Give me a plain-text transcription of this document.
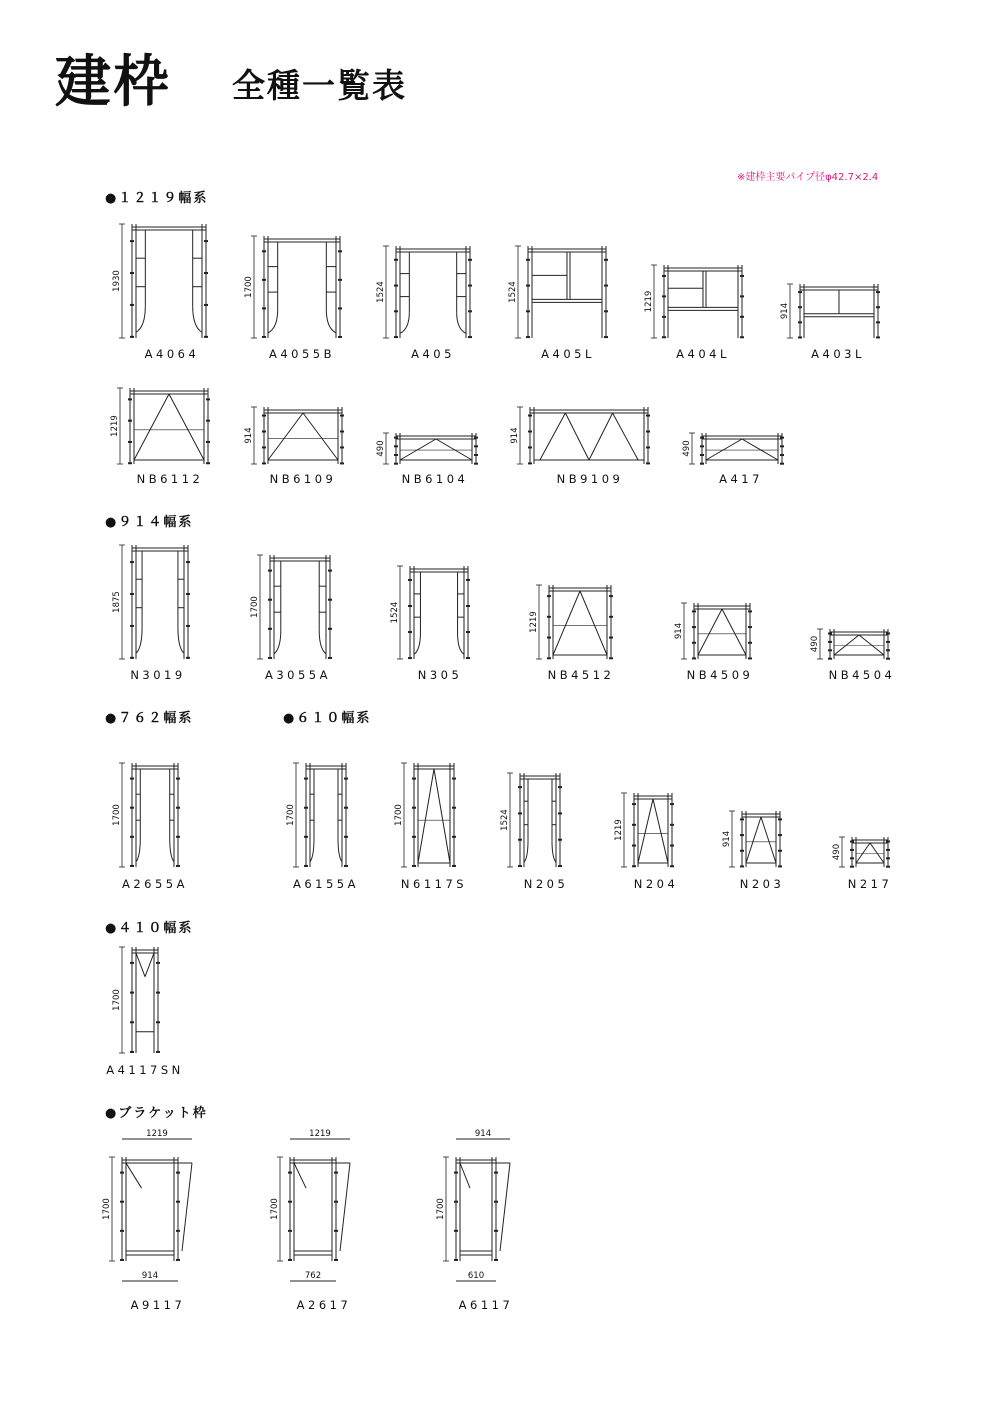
建枠 全種一覧表
※建枠主要パイプ径φ42.7×2.4
●１２１９幅系
●９１４幅系
●７６２幅系	●６１０幅系
●４１０幅系
●ブラケット枠
1930
A4064
1700
A4055B
1524
A405
1524
A405L
1219
A404L
914
A403L
1219
NB6112
914
NB6109
490
NB6104
914
NB9109
490
A417
1875
N3019
1700
A3055A
1524
N305
1219
NB4512
914
NB4509
490
NB4504
1700
A2655A
1700
A6155A
1700
N6117S
1524
N205
1219
N204
914
N203
490
N217
1700
A4117SN
1700
1219
914
A9117
1700
1219
762
A2617
1700
914
610
A6117
